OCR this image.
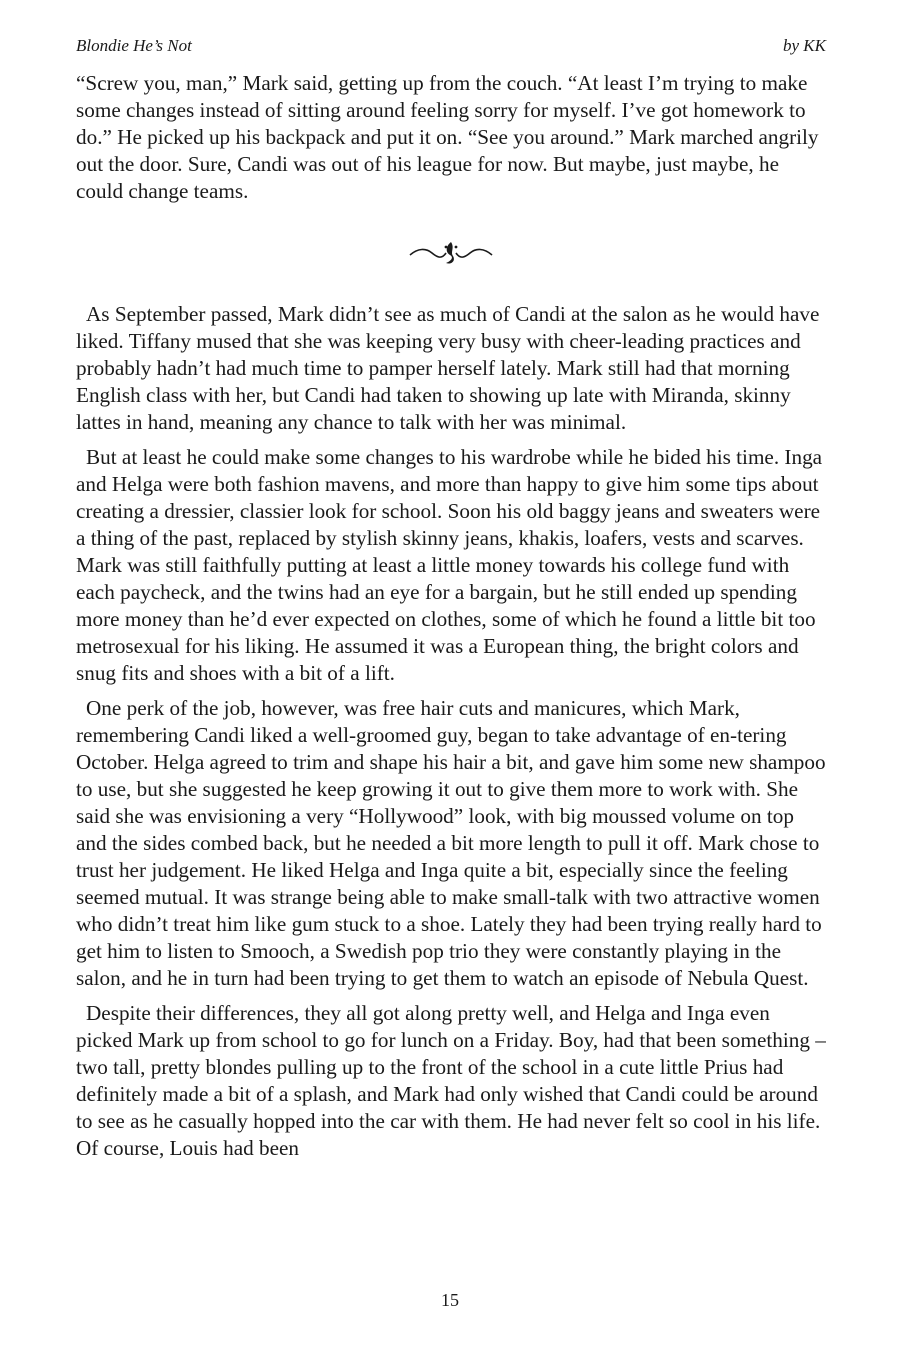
Blondie He’s Not	by KK

“Screw you, man,” Mark said, getting up from the couch. “At least I’m trying to make some changes instead of sitting around feeling sorry for myself. I’ve got homework to do.” He picked up his backpack and put it on. “See you around.” Mark marched angrily out the door. Sure, Candi was out of his league for now. But maybe, just maybe, he could change teams.

As September passed, Mark didn’t see as much of Candi at the salon as he would have liked. Tiffany mused that she was keeping very busy with cheer-leading practices and probably hadn’t had much time to pamper herself lately. Mark still had that morning English class with her, but Candi had taken to showing up late with Miranda, skinny lattes in hand, meaning any chance to talk with her was minimal.

But at least he could make some changes to his wardrobe while he bided his time. Inga and Helga were both fashion mavens, and more than happy to give him some tips about creating a dressier, classier look for school. Soon his old baggy jeans and sweaters were a thing of the past, replaced by stylish skinny jeans, khakis, loafers, vests and scarves. Mark was still faithfully putting at least a little money towards his college fund with each paycheck, and the twins had an eye for a bargain, but he still ended up spending more money than he’d ever expected on clothes, some of which he found a little bit too metrosexual for his liking. He assumed it was a European thing, the bright colors and snug fits and shoes with a bit of a lift.

One perk of the job, however, was free hair cuts and manicures, which Mark, remembering Candi liked a well-groomed guy, began to take advantage of en-tering October. Helga agreed to trim and shape his hair a bit, and gave him some new shampoo to use, but she suggested he keep growing it out to give them more to work with. She said she was envisioning a very “Hollywood” look, with big moussed volume on top and the sides combed back, but he needed a bit more length to pull it off. Mark chose to trust her judgement. He liked Helga and Inga quite a bit, especially since the feeling seemed mutual. It was strange being able to make small-talk with two attractive women who didn’t treat him like gum stuck to a shoe. Lately they had been trying really hard to get him to listen to Smooch, a Swedish pop trio they were constantly playing in the salon, and he in turn had been trying to get them to watch an episode of Nebula Quest.

Despite their differences, they all got along pretty well, and Helga and Inga even picked Mark up from school to go for lunch on a Friday. Boy, had that been something – two tall, pretty blondes pulling up to the front of the school in a cute little Prius had definitely made a bit of a splash, and Mark had only wished that Candi could be around to see as he casually hopped into the car with them. He had never felt so cool in his life. Of course, Louis had been

15
